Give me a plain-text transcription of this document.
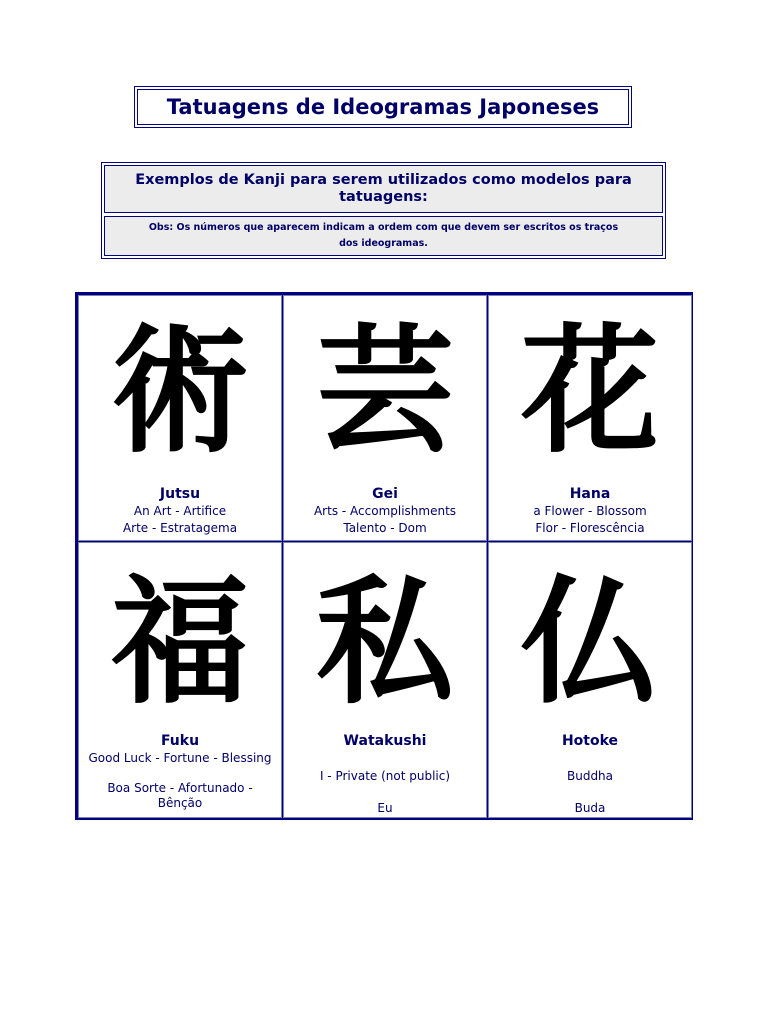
Tatuagens de Ideogramas Japoneses
Exemplos de Kanji para serem utilizados como modelos para tatuagens:
Obs: Os números que aparecem indicam a ordem com que devem ser escritos os traços dos ideogramas.
術
Jutsu
An Art - Artifice
Arte - Estratagema
芸
Gei
Arts - Accomplishments
Talento - Dom
花
Hana
a Flower - Blossom
Flor - Florescência
福
Fuku
Good Luck - Fortune - Blessing
Boa Sorte - Afortunado - Bênção
私
Watakushi
I - Private (not public)
Eu
仏
Hotoke
Buddha
Buda
